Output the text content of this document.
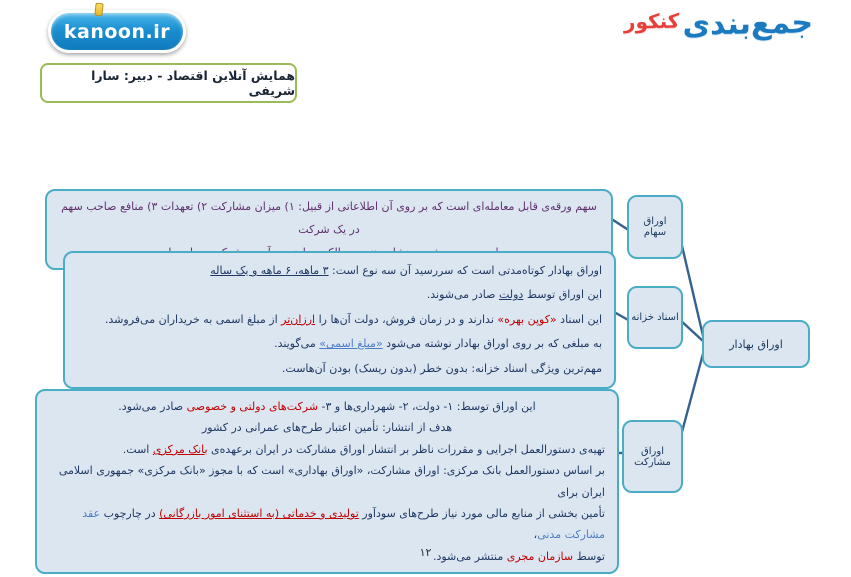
kanoon.ir	جمع‌بندی
کنکور
همایش آنلاین اقتصاد - دبیر: سارا شریفی
سهم ورقه‌ی قابل معامله‌ای است که بر روی آن اطلاعاتی از قبیل: ۱) میزان مشارکت ۲) تعهدات ۳) منافع صاحب سهم در یک شرکت
اوراق بهادار کوتاه‌مدتی است که سررسید آن سه نوع است: ۳ ماهه، ۶ ماهه و یک ساله
این اوراق توسط دولت صادر می‌شوند.
این اسناد «کوپن بهره» ندارند و در زمان فروش، دولت آن‌ها را ارزان‌تر از مبلغ اسمی به خریداران می‌فروشد.
به مبلغی که بر روی اوراق بهادار نوشته می‌شود «مبلغ اسمی» می‌گویند.
مهم‌ترین ویژگی اسناد خزانه: بدون خطر (بدون ریسک) بودن آن‌هاست.
این اوراق توسط: ۱- دولت، ۲- شهرداری‌ها و ۳- شرکت‌های دولتی و خصوصی صادر می‌شود.
هدف از انتشار: تأمین اعتبار طرح‌های عمرانی در کشور
تهیه‌ی دستورالعمل اجرایی و مقررات ناظر بر انتشار اوراق مشارکت در ایران برعهده‌ی بانک مرکزی است.
بر اساس دستورالعمل بانک مرکزی: اوراق مشارکت، «اوراق بهاداری» است که با مجوز «بانک مرکزی» جمهوری اسلامی ایران برای
تأمین بخشی از منابع مالی مورد نیاز طرح‌های سودآور تولیدی و خدماتی (به استثنای امور بازرگانی) در چارچوب عقد مشارکت مدنی،
توسط سازمان مجری منتشر می‌شود.
اوراق سهام
اسناد خزانه
اوراق مشارکت
اوراق بهادار
۱۲
